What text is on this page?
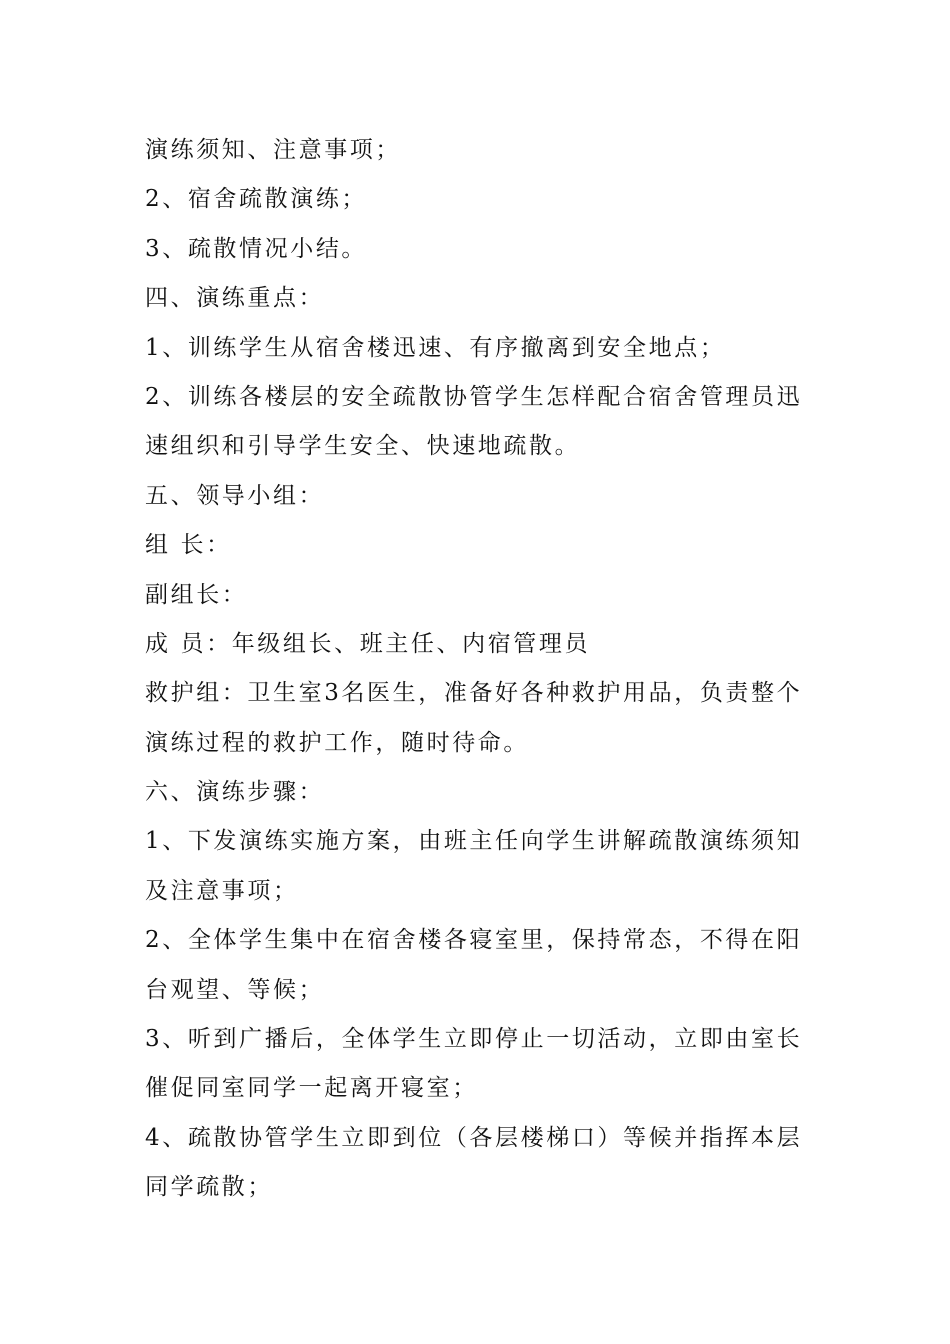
演练须知、注意事项；
2、宿舍疏散演练；
3、疏散情况小结。
四、演练重点：
1、训练学生从宿舍楼迅速、有序撤离到安全地点；
2、训练各楼层的安全疏散协管学生怎样配合宿舍管理员迅
速组织和引导学生安全、快速地疏散。
五、领导小组：
组 长：
副组长：
成 员：年级组长、班主任、内宿管理员
救护组：卫生室3名医生，准备好各种救护用品，负责整个
演练过程的救护工作，随时待命。
六、演练步骤：
1、下发演练实施方案，由班主任向学生讲解疏散演练须知
及注意事项；
2、全体学生集中在宿舍楼各寝室里，保持常态，不得在阳
台观望、等候；
3、听到广播后，全体学生立即停止一切活动，立即由室长
催促同室同学一起离开寝室；
4、疏散协管学生立即到位（各层楼梯口）等候并指挥本层
同学疏散；
